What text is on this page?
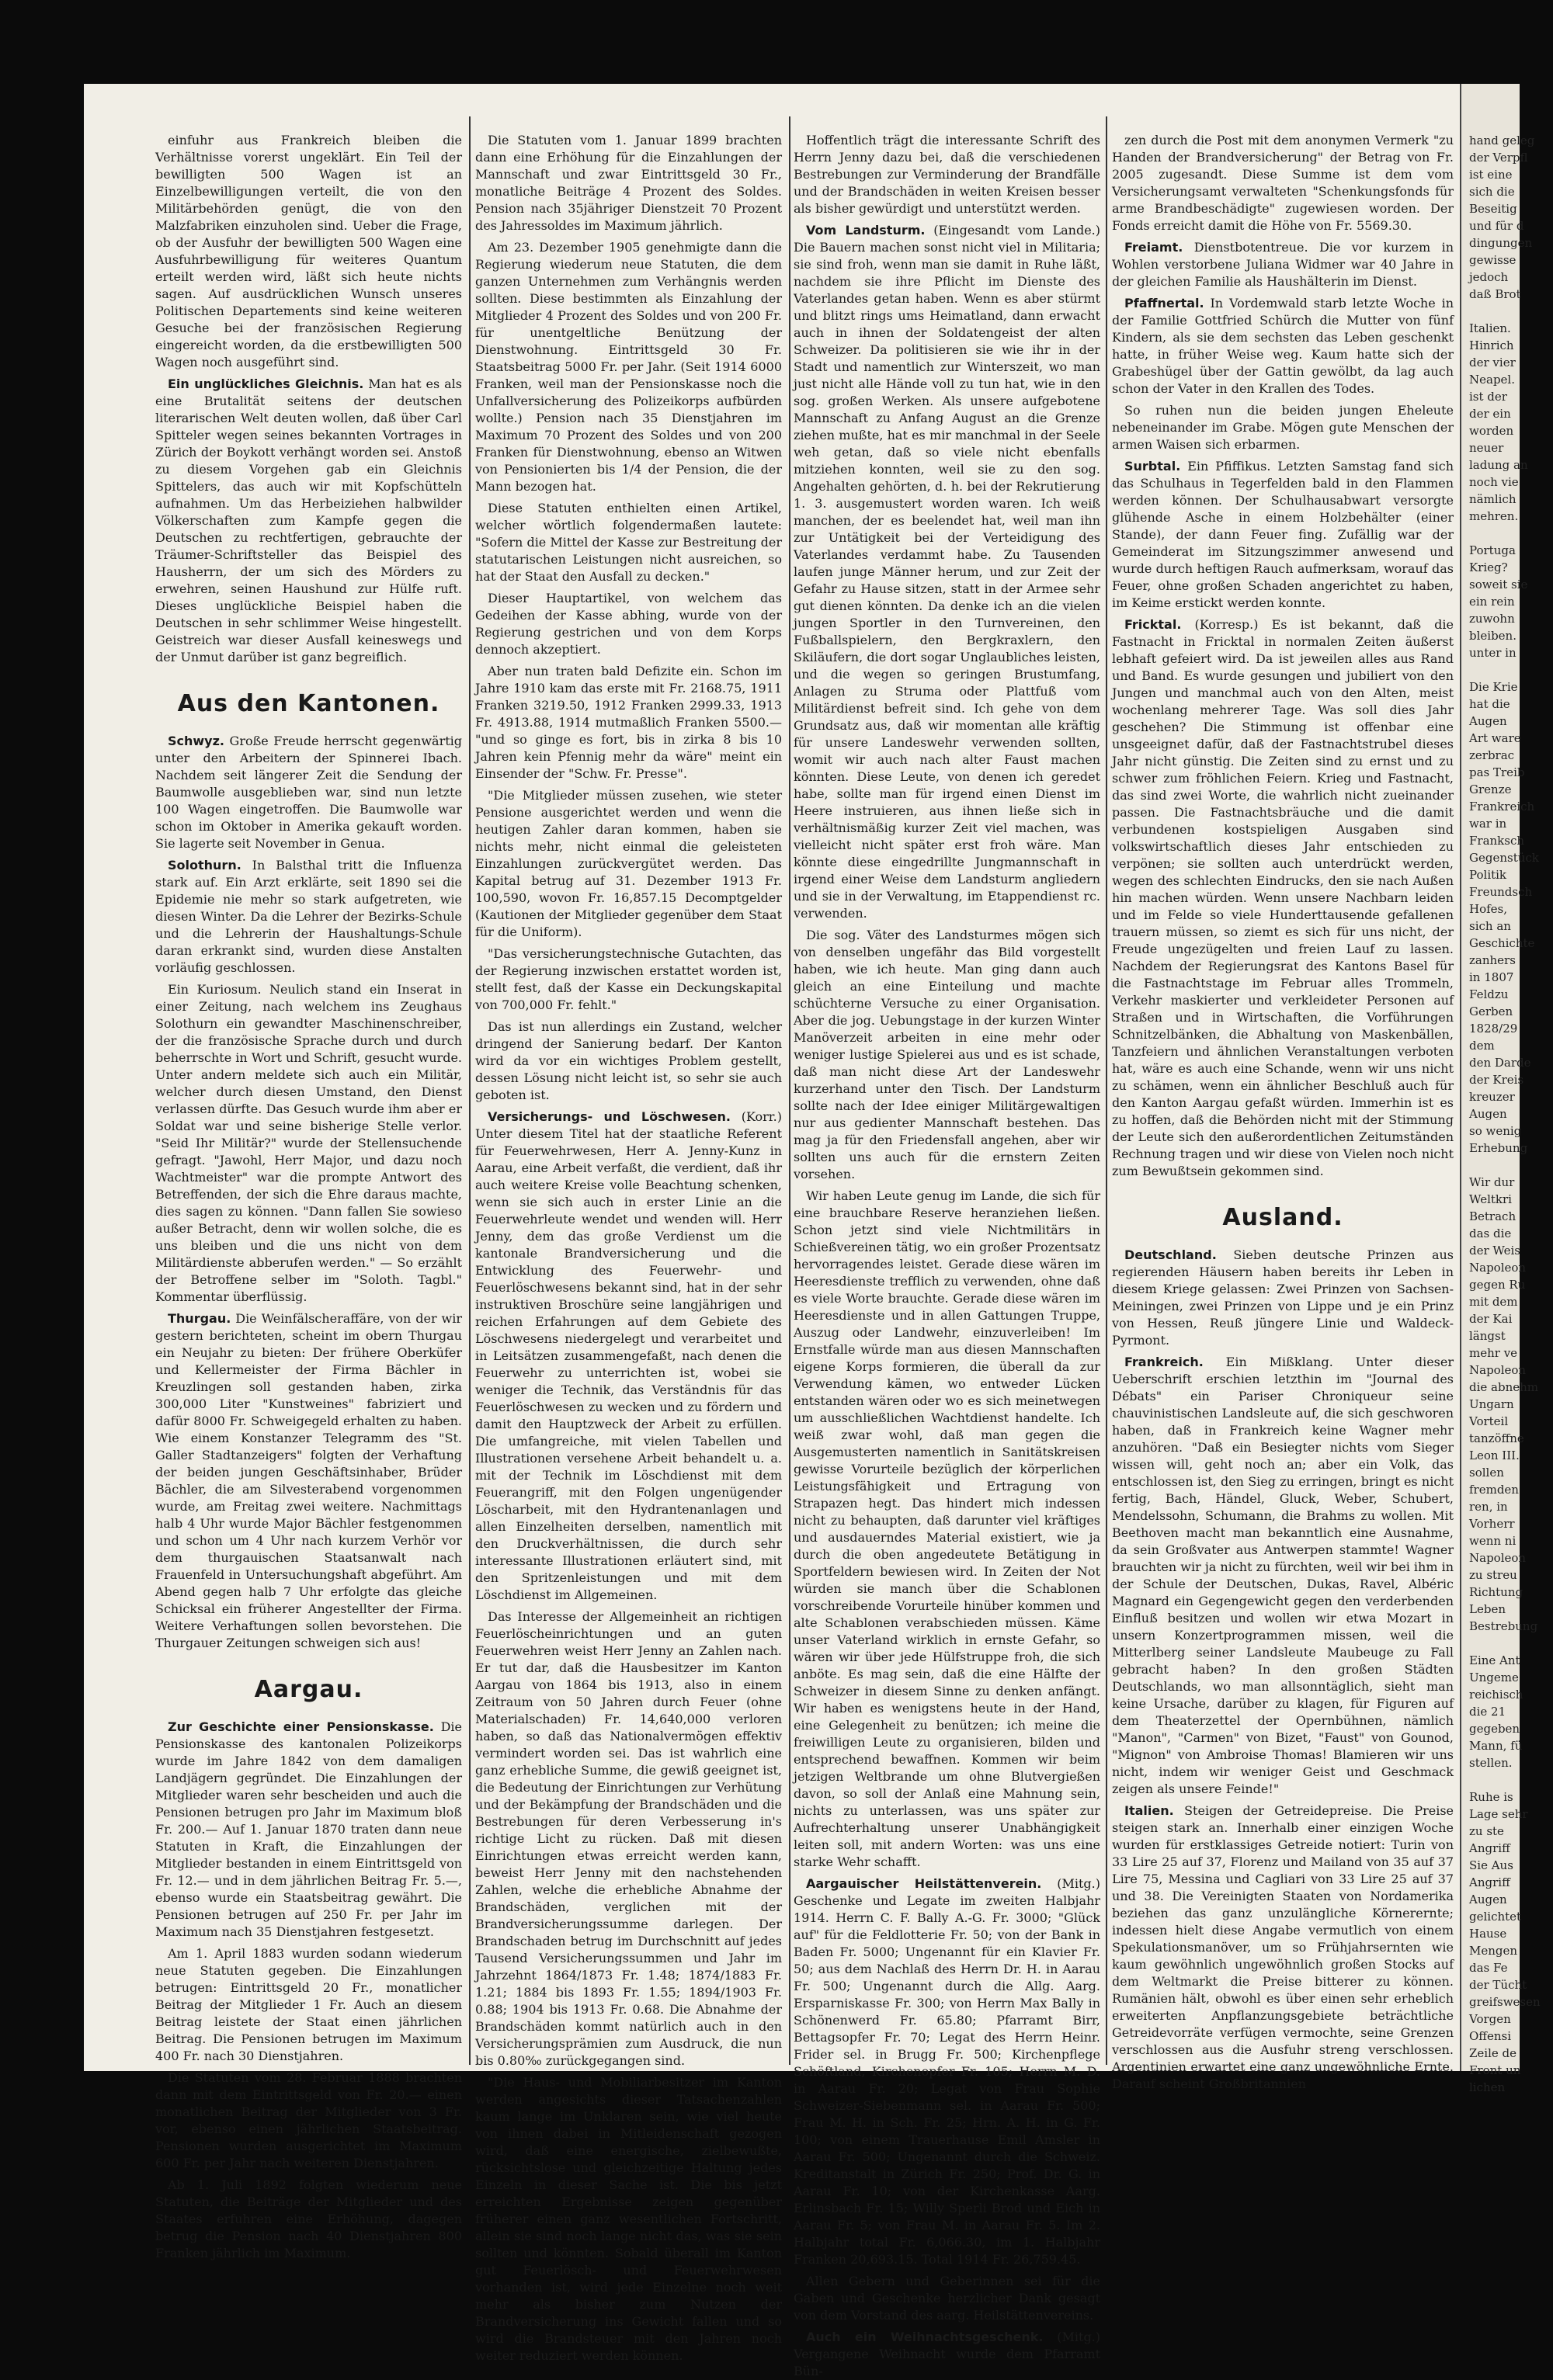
einfuhr aus Frankreich bleiben die Verhältnisse vorerst ungeklärt. Ein Teil der bewilligten 500 Wagen ist an Einzelbewilligungen verteilt, die von den Militärbehörden genügt, die von den Malzfabriken einzuholen sind. Ueber die Frage, ob der Ausfuhr der bewilligten 500 Wagen eine Ausfuhrbewilligung für weiteres Quantum erteilt werden wird, läßt sich heute nichts sagen. Auf ausdrücklichen Wunsch unseres Politischen Departements sind keine weiteren Gesuche bei der französischen Regierung eingereicht worden, da die erstbewilligten 500 Wagen noch ausgeführt sind.

Ein unglückliches Gleichnis. Man hat es als eine Brutalität seitens der deutschen literarischen Welt deuten wollen, daß über Carl Spitteler wegen seines bekannten Vortrages in Zürich der Boykott verhängt worden sei. Anstoß zu diesem Vorgehen gab ein Gleichnis Spittelers, das auch wir mit Kopfschütteln aufnahmen. Um das Herbeiziehen halbwilder Völkerschaften zum Kampfe gegen die Deutschen zu rechtfertigen, gebrauchte der Träumer-Schriftsteller das Beispiel des Hausherrn, der um sich des Mörders zu erwehren, seinen Haushund zur Hülfe ruft. Dieses unglückliche Beispiel haben die Deutschen in sehr schlimmer Weise hingestellt. Geistreich war dieser Ausfall keineswegs und der Unmut darüber ist ganz begreiflich.

Aus den Kantonen.

Schwyz. Große Freude herrscht gegenwärtig unter den Arbeitern der Spinnerei Ibach. Nachdem seit längerer Zeit die Sendung der Baumwolle ausgeblieben war, sind nun letzte 100 Wagen eingetroffen. Die Baumwolle war schon im Oktober in Amerika gekauft worden. Sie lagerte seit November in Genua.

Solothurn. In Balsthal tritt die Influenza stark auf. Ein Arzt erklärte, seit 1890 sei die Epidemie nie mehr so stark aufgetreten, wie diesen Winter. Da die Lehrer der Bezirks-Schule und die Lehrerin der Haushaltungs-Schule daran erkrankt sind, wurden diese Anstalten vorläufig geschlossen.

Ein Kuriosum. Neulich stand ein Inserat in einer Zeitung, nach welchem ins Zeughaus Solothurn ein gewandter Maschinenschreiber, der die französische Sprache durch und durch beherrschte in Wort und Schrift, gesucht wurde. Unter andern meldete sich auch ein Militär, welcher durch diesen Umstand, den Dienst verlassen dürfte. Das Gesuch wurde ihm aber er Soldat war und seine bisherige Stelle verlor. "Seid Ihr Militär?" wurde der Stellensuchende gefragt. "Jawohl, Herr Major, und dazu noch Wachtmeister" war die prompte Antwort des Betreffenden, der sich die Ehre daraus machte, dies sagen zu können. "Dann fallen Sie sowieso außer Betracht, denn wir wollen solche, die es uns bleiben und die uns nicht von dem Militärdienste abberufen werden." — So erzählt der Betroffene selber im "Soloth. Tagbl." Kommentar überflüssig.

Thurgau. Die Weinfälscheraffäre, von der wir gestern berichteten, scheint im obern Thurgau ein Neujahr zu bieten: Der frühere Oberküfer und Kellermeister der Firma Bächler in Kreuzlingen soll gestanden haben, zirka 300,000 Liter "Kunstweines" fabriziert und dafür 8000 Fr. Schweigegeld erhalten zu haben. Wie einem Konstanzer Telegramm des "St. Galler Stadtanzeigers" folgten der Verhaftung der beiden jungen Geschäftsinhaber, Brüder Bächler, die am Silvesterabend vorgenommen wurde, am Freitag zwei weitere. Nachmittags halb 4 Uhr wurde Major Bächler festgenommen und schon um 4 Uhr nach kurzem Verhör vor dem thurgauischen Staatsanwalt nach Frauenfeld in Untersuchungshaft abgeführt. Am Abend gegen halb 7 Uhr erfolgte das gleiche Schicksal ein früherer Angestellter der Firma. Weitere Verhaftungen sollen bevorstehen. Die Thurgauer Zeitungen schweigen sich aus!

Aargau.

Zur Geschichte einer Pensionskasse. Die Pensionskasse des kantonalen Polizeikorps wurde im Jahre 1842 von dem damaligen Landjägern gegründet. Die Einzahlungen der Mitglieder waren sehr bescheiden und auch die Pensionen betrugen pro Jahr im Maximum bloß Fr. 200.— Auf 1. Januar 1870 traten dann neue Statuten in Kraft, die Einzahlungen der Mitglieder bestanden in einem Eintrittsgeld von Fr. 12.— und in dem jährlichen Beitrag Fr. 5.—, ebenso wurde ein Staatsbeitrag gewährt. Die Pensionen betrugen auf 250 Fr. per Jahr im Maximum nach 35 Dienstjahren festgesetzt.

Am 1. April 1883 wurden sodann wiederum neue Statuten gegeben. Die Einzahlungen betrugen: Eintrittsgeld 20 Fr., monatlicher Beitrag der Mitglieder 1 Fr. Auch an diesem Beitrag leistete der Staat einen jährlichen Beitrag. Die Pensionen betrugen im Maximum 400 Fr. nach 30 Dienstjahren.

Die Statuten vom 28. Februar 1888 brachten dann mit dem Eintrittsgeld von Fr. 20.— einen monatlichen Beitrag der Mitglieder von 3 Fr. vor, ebenso einen jährlichen Staatsbeitrag. Pensionen wurden ausgerichtet im Maximum 600 Fr. per Jahr nach weiteren Dienstjahren.

Ab 1. Juli 1892 folgten wiederum neue Statuten, die Beiträge der Mitglieder und des Staates erfuhren eine Erhöhung, dagegen betrug die Pension nach 40 Dienstjahren 800 Franken jährlich im Maximum.

Die Statuten vom 1. Januar 1899 brachten dann eine Erhöhung für die Einzahlungen der Mannschaft und zwar Eintrittsgeld 30 Fr., monatliche Beiträge 4 Prozent des Soldes. Pension nach 35jähriger Dienstzeit 70 Prozent des Jahressoldes im Maximum jährlich.

Am 23. Dezember 1905 genehmigte dann die Regierung wiederum neue Statuten, die dem ganzen Unternehmen zum Verhängnis werden sollten. Diese bestimmten als Einzahlung der Mitglieder 4 Prozent des Soldes und von 200 Fr. für unentgeltliche Benützung der Dienstwohnung. Eintrittsgeld 30 Fr. Staatsbeitrag 5000 Fr. per Jahr. (Seit 1914 6000 Franken, weil man der Pensionskasse noch die Unfallversicherung des Polizeikorps aufbürden wollte.) Pension nach 35 Dienstjahren im Maximum 70 Prozent des Soldes und von 200 Franken für Dienstwohnung, ebenso an Witwen von Pensionierten bis 1/4 der Pension, die der Mann bezogen hat.

Diese Statuten enthielten einen Artikel, welcher wörtlich folgendermaßen lautete: "Sofern die Mittel der Kasse zur Bestreitung der statutarischen Leistungen nicht ausreichen, so hat der Staat den Ausfall zu decken."

Dieser Hauptartikel, von welchem das Gedeihen der Kasse abhing, wurde von der Regierung gestrichen und von dem Korps dennoch akzeptiert.

Aber nun traten bald Defizite ein. Schon im Jahre 1910 kam das erste mit Fr. 2168.75, 1911 Franken 3219.50, 1912 Franken 2999.33, 1913 Fr. 4913.88, 1914 mutmaßlich Franken 5500.— "und so ginge es fort, bis in zirka 8 bis 10 Jahren kein Pfennig mehr da wäre" meint ein Einsender der "Schw. Fr. Presse".

"Die Mitglieder müssen zusehen, wie steter Pensione ausgerichtet werden und wenn die heutigen Zahler daran kommen, haben sie nichts mehr, nicht einmal die geleisteten Einzahlungen zurückvergütet werden. Das Kapital betrug auf 31. Dezember 1913 Fr. 100,590, wovon Fr. 16,857.15 Decomptgelder (Kautionen der Mitglieder gegenüber dem Staat für die Uniform).

"Das versicherungstechnische Gutachten, das der Regierung inzwischen erstattet worden ist, stellt fest, daß der Kasse ein Deckungskapital von 700,000 Fr. fehlt."

Das ist nun allerdings ein Zustand, welcher dringend der Sanierung bedarf. Der Kanton wird da vor ein wichtiges Problem gestellt, dessen Lösung nicht leicht ist, so sehr sie auch geboten ist.

Versicherungs- und Löschwesen. (Korr.) Unter diesem Titel hat der staatliche Referent für Feuerwehrwesen, Herr A. Jenny-Kunz in Aarau, eine Arbeit verfaßt, die verdient, daß ihr auch weitere Kreise volle Beachtung schenken, wenn sie sich auch in erster Linie an die Feuerwehrleute wendet und wenden will. Herr Jenny, dem das große Verdienst um die kantonale Brandversicherung und die Entwicklung des Feuerwehr- und Feuerlöschwesens bekannt sind, hat in der sehr instruktiven Broschüre seine langjährigen und reichen Erfahrungen auf dem Gebiete des Löschwesens niedergelegt und verarbeitet und in Leitsätzen zusammengefaßt, nach denen die Feuerwehr zu unterrichten ist, wobei sie weniger die Technik, das Verständnis für das Feuerlöschwesen zu wecken und zu fördern und damit den Hauptzweck der Arbeit zu erfüllen. Die umfangreiche, mit vielen Tabellen und Illustrationen versehene Arbeit behandelt u. a. mit der Technik im Löschdienst mit dem Feuerangriff, mit den Folgen ungenügender Löscharbeit, mit den Hydrantenanlagen und allen Einzelheiten derselben, namentlich mit den Druckverhältnissen, die durch sehr interessante Illustrationen erläutert sind, mit den Spritzenleistungen und mit dem Löschdienst im Allgemeinen.

Das Interesse der Allgemeinheit an richtigen Feuerlöscheinrichtungen und an guten Feuerwehren weist Herr Jenny an Zahlen nach. Er tut dar, daß die Hausbesitzer im Kanton Aargau von 1864 bis 1913, also in einem Zeitraum von 50 Jahren durch Feuer (ohne Materialschaden) Fr. 14,640,000 verloren haben, so daß das Nationalvermögen effektiv vermindert worden sei. Das ist wahrlich eine ganz erhebliche Summe, die gewiß geeignet ist, die Bedeutung der Einrichtungen zur Verhütung und der Bekämpfung der Brandschäden und die Bestrebungen für deren Verbesserung in's richtige Licht zu rücken. Daß mit diesen Einrichtungen etwas erreicht werden kann, beweist Herr Jenny mit den nachstehenden Zahlen, welche die erhebliche Abnahme der Brandschäden, verglichen mit der Brandversicherungssumme darlegen. Der Brandschaden betrug im Durchschnitt auf jedes Tausend Versicherungssummen und Jahr im Jahrzehnt 1864/1873 Fr. 1.48; 1874/1883 Fr. 1.21; 1884 bis 1893 Fr. 1.55; 1894/1903 Fr. 0.88; 1904 bis 1913 Fr. 0.68. Die Abnahme der Brandschäden kommt natürlich auch in den Versicherungsprämien zum Ausdruck, die nun bis 0.80‰ zurückgegangen sind.

"Die Haus- und Mobiliarbesitzer im Kanton werden angesichts dieser Tatsachenzahlen kaum lange im Unklaren sein, wie viel heute von ihnen dabei in Mitleidenschaft gezogen wird, daß eine energische, zielbewußte, rücksichtslose und gleichzeitige Haltung jedes Einzeln in dieser Sache ist. Die bis jetzt erreichten Ergebnisse zeigen gegenüber früherer einen ganz wesentlichen Fortschritt, allein sie sind noch lange nicht das, was sie sein sollten und könnten. Sobald überall im Kanton gut Feuerlösch- und Feuerwehrwesen vorhanden ist, wird jede Einzelne noch weit mehr als bisher zum Nutzen der Brandversicherung ins Gewicht fallen und so wird die Brandsteuer mit den Jahren noch weiter reduziert werden können.

Hoffentlich trägt die interessante Schrift des Herrn Jenny dazu bei, daß die verschiedenen Bestrebungen zur Verminderung der Brandfälle und der Brandschäden in weiten Kreisen besser als bisher gewürdigt und unterstützt werden.

Vom Landsturm. (Eingesandt vom Lande.) Die Bauern machen sonst nicht viel in Militaria; sie sind froh, wenn man sie damit in Ruhe läßt, nachdem sie ihre Pflicht im Dienste des Vaterlandes getan haben. Wenn es aber stürmt und blitzt rings ums Heimatland, dann erwacht auch in ihnen der Soldatengeist der alten Schweizer. Da politisieren sie wie ihr in der Stadt und namentlich zur Winterszeit, wo man just nicht alle Hände voll zu tun hat, wie in den sog. großen Werken. Als unsere aufgebotene Mannschaft zu Anfang August an die Grenze ziehen mußte, hat es mir manchmal in der Seele weh getan, daß so viele nicht ebenfalls mitziehen konnten, weil sie zu den sog. Angehalten gehörten, d. h. bei der Rekrutierung 1. 3. ausgemustert worden waren. Ich weiß manchen, der es beelendet hat, weil man ihn zur Untätigkeit bei der Verteidigung des Vaterlandes verdammt habe. Zu Tausenden laufen junge Männer herum, und zur Zeit der Gefahr zu Hause sitzen, statt in der Armee sehr gut dienen könnten. Da denke ich an die vielen jungen Sportler in den Turnvereinen, den Fußballspielern, den Bergkraxlern, den Skiläufern, die dort sogar Unglaubliches leisten, und die wegen so geringen Brustumfang, Anlagen zu Struma oder Plattfuß vom Militärdienst befreit sind. Ich gehe von dem Grundsatz aus, daß wir momentan alle kräftig für unsere Landeswehr verwenden sollten, womit wir auch nach alter Faust machen könnten. Diese Leute, von denen ich geredet habe, sollte man für irgend einen Dienst im Heere instruieren, aus ihnen ließe sich in verhältnismäßig kurzer Zeit viel machen, was vielleicht nicht später erst froh wäre. Man könnte diese eingedrillte Jungmannschaft in irgend einer Weise dem Landsturm angliedern und sie in der Verwaltung, im Etappendienst rc. verwenden.

Die sog. Väter des Landsturmes mögen sich von denselben ungefähr das Bild vorgestellt haben, wie ich heute. Man ging dann auch gleich an eine Einteilung und machte schüchterne Versuche zu einer Organisation. Aber die jog. Uebungstage in der kurzen Winter Manöverzeit arbeiten in eine mehr oder weniger lustige Spielerei aus und es ist schade, daß man nicht diese Art der Landeswehr kurzerhand unter den Tisch. Der Landsturm sollte nach der Idee einiger Militärgewaltigen nur aus gedienter Mannschaft bestehen. Das mag ja für den Friedensfall angehen, aber wir sollten uns auch für die ernstern Zeiten vorsehen.

Wir haben Leute genug im Lande, die sich für eine brauchbare Reserve heranziehen ließen. Schon jetzt sind viele Nichtmilitärs in Schießvereinen tätig, wo ein großer Prozentsatz hervorragendes leistet. Gerade diese wären im Heeresdienste trefflich zu verwenden, ohne daß es viele Worte brauchte. Gerade diese wären im Heeresdienste und in allen Gattungen Truppe, Auszug oder Landwehr, einzuverleiben! Im Ernstfalle würde man aus diesen Mannschaften eigene Korps formieren, die überall da zur Verwendung kämen, wo entweder Lücken entstanden wären oder wo es sich meinetwegen um ausschließlichen Wachtdienst handelte. Ich weiß zwar wohl, daß man gegen die Ausgemusterten namentlich in Sanitätskreisen gewisse Vorurteile bezüglich der körperlichen Leistungsfähigkeit und Ertragung von Strapazen hegt. Das hindert mich indessen nicht zu behaupten, daß darunter viel kräftiges und ausdauerndes Material existiert, wie ja durch die oben angedeutete Betätigung in Sportfeldern bewiesen wird. In Zeiten der Not würden sie manch über die Schablonen vorschreibende Vorurteile hinüber kommen und alte Schablonen verabschieden müssen. Käme unser Vaterland wirklich in ernste Gefahr, so wären wir über jede Hülfstruppe froh, die sich anböte. Es mag sein, daß die eine Hälfte der Schweizer in diesem Sinne zu denken anfängt. Wir haben es wenigstens heute in der Hand, eine Gelegenheit zu benützen; ich meine die freiwilligen Leute zu organisieren, bilden und entsprechend bewaffnen. Kommen wir beim jetzigen Weltbrande um ohne Blutvergießen davon, so soll der Anlaß eine Mahnung sein, nichts zu unterlassen, was uns später zur Aufrechterhaltung unserer Unabhängigkeit leiten soll, mit andern Worten: was uns eine starke Wehr schafft.

Aargauischer Heilstättenverein. (Mitg.) Geschenke und Legate im zweiten Halbjahr 1914. Herrn C. F. Bally A.-G. Fr. 3000; "Glück auf" für die Feldlotterie Fr. 50; von der Bank in Baden Fr. 5000; Ungenannt für ein Klavier Fr. 50; aus dem Nachlaß des Herrn Dr. H. in Aarau Fr. 500; Ungenannt durch die Allg. Aarg. Ersparniskasse Fr. 300; von Herrn Max Bally in Schönenwerd Fr. 65.80; Pfarramt Birr, Bettagsopfer Fr. 70; Legat des Herrn Heinr. Frider sel. in Brugg Fr. 500; Kirchenpflege Schöftland, Kirchenopfer Fr. 105; Herrn M. D. in Aarau Fr. 20; Legat von Frau Sophie Schweizer-Siebenmann sel. in Aarau Fr. 500; Frau M. H. in Sch. Fr. 25; Hrn. A. H. in G. Fr. 100; von einem Trauerhause Emil Amsler in Aarau Fr. 500; Ungenannt durch die Schweiz. Kreditanstalt in Zürich Fr. 250; Prof. Dr. G. in Aarau Fr. 10; von der Kirchenkasse Aarg. Erlinsbach Fr. 15; Willy Sperli Brod und Eich in Aarau Fr. 5; von Frau M. in Aarau Fr. 5. Im 2. Halbjahr total Fr. 6,066.30, im 1. Halbjahr Franken 20,693.15. Total 1914 Fr. 26,759.45.

Allen Gebern und Geberinnen sei für die Gaben und Geschenke herzlicher Dank gesagt von dem Vorstand des aarg. Heilstättenvereins.

Auch ein Weihnachtsgeschenk. (Mitg.) Vergangene Weihnacht wurde dem Pfarramt Bün-

zen durch die Post mit dem anonymen Vermerk "zu Handen der Brandversicherung" der Betrag von Fr. 2005 zugesandt. Diese Summe ist dem vom Versicherungsamt verwalteten "Schenkungsfonds für arme Brandbeschädigte" zugewiesen worden. Der Fonds erreicht damit die Höhe von Fr. 5569.30.

Freiamt. Dienstbotentreue. Die vor kurzem in Wohlen verstorbene Juliana Widmer war 40 Jahre in der gleichen Familie als Haushälterin im Dienst.

Pfaffnertal. In Vordemwald starb letzte Woche in der Familie Gottfried Schürch die Mutter von fünf Kindern, als sie dem sechsten das Leben geschenkt hatte, in früher Weise weg. Kaum hatte sich der Grabeshügel über der Gattin gewölbt, da lag auch schon der Vater in den Krallen des Todes.

So ruhen nun die beiden jungen Eheleute nebeneinander im Grabe. Mögen gute Menschen der armen Waisen sich erbarmen.

Surbtal. Ein Pfiffikus. Letzten Samstag fand sich das Schulhaus in Tegerfelden bald in den Flammen werden können. Der Schulhausabwart versorgte glühende Asche in einem Holzbehälter (einer Stande), der dann Feuer fing. Zufällig war der Gemeinderat im Sitzungszimmer anwesend und wurde durch heftigen Rauch aufmerksam, worauf das Feuer, ohne großen Schaden angerichtet zu haben, im Keime erstickt werden konnte.

Fricktal. (Korresp.) Es ist bekannt, daß die Fastnacht in Fricktal in normalen Zeiten äußerst lebhaft gefeiert wird. Da ist jeweilen alles aus Rand und Band. Es wurde gesungen und jubiliert von den Jungen und manchmal auch von den Alten, meist wochenlang mehrerer Tage. Was soll dies Jahr geschehen? Die Stimmung ist offenbar eine unsgeeignet dafür, daß der Fastnachtstrubel dieses Jahr nicht günstig. Die Zeiten sind zu ernst und zu schwer zum fröhlichen Feiern. Krieg und Fastnacht, das sind zwei Worte, die wahrlich nicht zueinander passen. Die Fastnachtsbräuche und die damit verbundenen kostspieligen Ausgaben sind volkswirtschaftlich dieses Jahr entschieden zu verpönen; sie sollten auch unterdrückt werden, wegen des schlechten Eindrucks, den sie nach Außen hin machen würden. Wenn unsere Nachbarn leiden und im Felde so viele Hunderttausende gefallenen trauern müssen, so ziemt es sich für uns nicht, der Freude ungezügelten und freien Lauf zu lassen. Nachdem der Regierungsrat des Kantons Basel für die Fastnachtstage im Februar alles Trommeln, Verkehr maskierter und verkleideter Personen auf Straßen und in Wirtschaften, die Vorführungen Schnitzelbänken, die Abhaltung von Maskenbällen, Tanzfeiern und ähnlichen Veranstaltungen verboten hat, wäre es auch eine Schande, wenn wir uns nicht zu schämen, wenn ein ähnlicher Beschluß auch für den Kanton Aargau gefaßt würden. Immerhin ist es zu hoffen, daß die Behörden nicht mit der Stimmung der Leute sich den außerordentlichen Zeitumständen Rechnung tragen und wir diese von Vielen noch nicht zum Bewußtsein gekommen sind.

Ausland.

Deutschland. Sieben deutsche Prinzen aus regierenden Häusern haben bereits ihr Leben in diesem Kriege gelassen: Zwei Prinzen von Sachsen-Meiningen, zwei Prinzen von Lippe und je ein Prinz von Hessen, Reuß jüngere Linie und Waldeck-Pyrmont.

Frankreich. Ein Mißklang. Unter dieser Ueberschrift erschien letzthin im "Journal des Débats" ein Pariser Chroniqueur seine chauvinistischen Landsleute auf, die sich geschworen haben, daß in Frankreich keine Wagner mehr anzuhören. "Daß ein Besiegter nichts vom Sieger wissen will, geht noch an; aber ein Volk, das entschlossen ist, den Sieg zu erringen, bringt es nicht fertig, Bach, Händel, Gluck, Weber, Schubert, Mendelssohn, Schumann, die Brahms zu wollen. Mit Beethoven macht man bekanntlich eine Ausnahme, da sein Großvater aus Antwerpen stammte! Wagner brauchten wir ja nicht zu fürchten, weil wir bei ihm in der Schule der Deutschen, Dukas, Ravel, Albéric Magnard ein Gegengewicht gegen den verderbenden Einfluß besitzen und wollen wir etwa Mozart in unsern Konzertprogrammen missen, weil die Mitterlberg seiner Landsleute Maubeuge zu Fall gebracht haben? In den großen Städten Deutschlands, wo man allsonntäglich, sieht man keine Ursache, darüber zu klagen, für Figuren auf dem Theaterzettel der Opernbühnen, nämlich "Manon", "Carmen" von Bizet, "Faust" von Gounod, "Mignon" von Ambroise Thomas! Blamieren wir uns nicht, indem wir weniger Geist und Geschmack zeigen als unsere Feinde!"

Italien. Steigen der Getreidepreise. Die Preise steigen stark an. Innerhalb einer einzigen Woche wurden für erstklassiges Getreide notiert: Turin von 33 Lire 25 auf 37, Florenz und Mailand von 35 auf 37 Lire 75, Messina und Cagliari von 33 Lire 25 auf 37 und 38. Die Vereinigten Staaten von Nordamerika beziehen das ganz unzulängliche Körnerernte; indessen hielt diese Angabe vermutlich von einem Spekulationsmanöver, um so Frühjahrsernten wie kaum gewöhnlich ungewöhnlich großen Stocks auf dem Weltmarkt die Preise bitterer zu können. Rumänien hält, obwohl es über einen sehr erheblich erweiterten Anpflanzungsgebiete beträchtliche Getreidevorräte verfügen vermochte, seine Grenzen verschlossen aus die Ausfuhr streng verschlossen. Argentinien erwartet eine ganz ungewöhnliche Ernte. Darauf scheint Großbritannien

hand geleg
der Verpfl
ist eine
sich die
Beseitig
und für d
dingungen
gewisse
jedoch
daß Brot
Italien.
Hinrich
der vier
Neapel.
ist der
der ein
worden
neuer
ladung an
noch vie
nämlich
mehren.
Portuga
Krieg?
soweit sie
ein rein
zuwohn
bleiben.
unter in
Die Krie
hat die
Augen
Art ware
zerbrac
pas Treib
Grenze
Frankreich
war in
Franksch
Gegenstück
Politik
Freundsch
Hofes,
sich an
Geschichte
zanhers
in 1807
Feldzu
Gerben
1828/29
dem
den Darde
der Kreis
kreuzer
Augen
so wenig
Erhebung
Wir dur
Weltkri
Betrach
das die
der Weis
Napoleon
gegen Ru
mit dem
der Kai
längst
mehr ve
Napoleon
die abnehm
Ungarn
Vorteil
tanzöffne
Leon III.
sollen
fremden
ren, in
Vorherr
wenn ni
Napoleon
zu streu
Richtung
Leben
Bestrebung
Eine Ant
Ungeme
reichisch
die 21
gegeben
Mann, fü
stellen.
Ruhe is
Lage sehr
zu ste
Angriff
Sie Aus
Angriff
Augen
gelichtet
Hause
Mengen
das Fe
der Tücht
greifswesen
Vorgen
Offensi
Zeile de
Front un
lichen
